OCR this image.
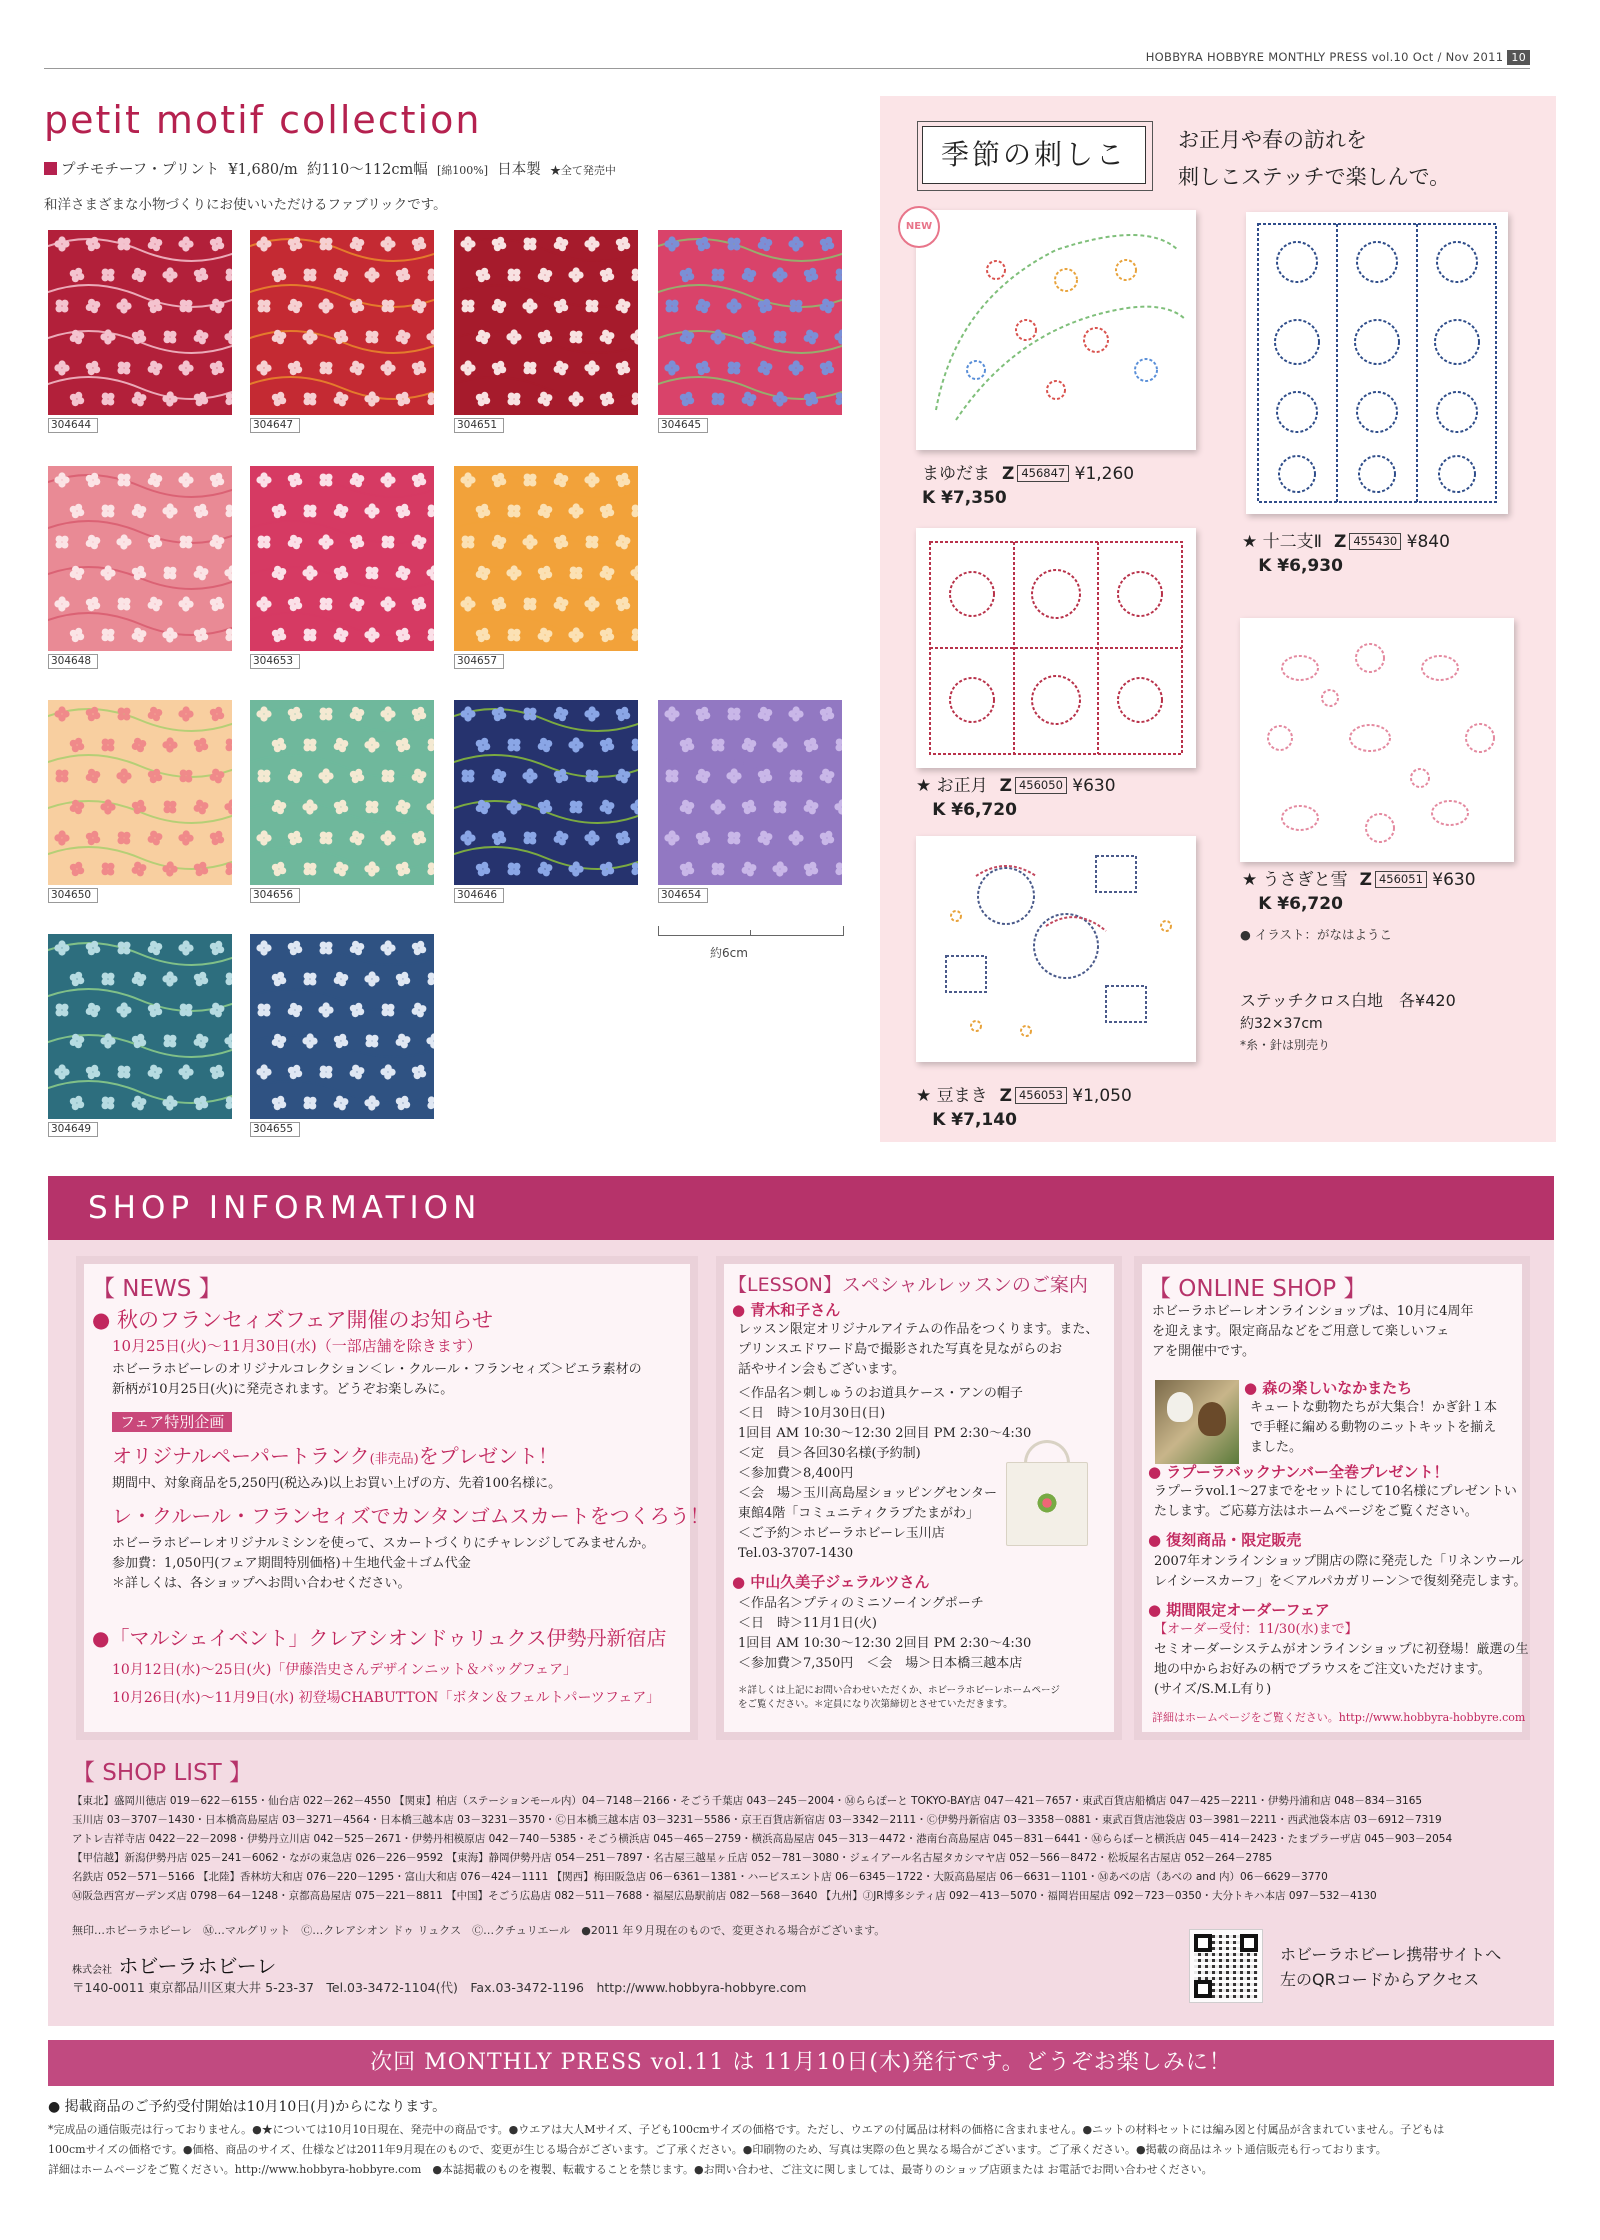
HOBBYRA HOBBYRE MONTHLY PRESS vol.10 Oct / Nov 2011 10
petit motif collection
プチモチーフ・プリント ¥1,680/m 約110～112cm幅 [綿100%] 日本製 ★全て発売中
和洋さまざまな小物づくりにお使いいただけるファブリックです。
304644	304647	304651	304645
304648	304653	304657
304650	304656	304646	304654
304649	304655
約6cm
季節の刺しこ	お正月や春の訪れを
刺しこステッチで楽しんで。
NEW
まゆだま Z 456847 ¥1,260
K ¥7,350
★ 十二支Ⅱ Z 455430 ¥840
K ¥6,930
★ お正月 Z 456050 ¥630
K ¥6,720
★ うさぎと雪 Z 456051 ¥630
K ¥6,720
● イラスト：がなはようこ
ステッチクロス白地　各¥420
約32×37cm
*糸・針は別売り
★ 豆まき Z 456053 ¥1,050
K ¥7,140
SHOP INFORMATION
【 NEWS 】
● 秋のフランセィズフェア開催のお知らせ
10月25日(火)～11月30日(水)（一部店舗を除きます）
ホビーラホビーレのオリジナルコレクション＜レ・クルール・フランセィズ＞ビエラ素材の
新柄が10月25日(火)に発売されます。どうぞお楽しみに。
フェア特別企画
オリジナルペーパートランク(非売品)をプレゼント！
期間中、対象商品を5,250円(税込み)以上お買い上げの方、先着100名様に。
レ・クルール・フランセィズでカンタンゴムスカートをつくろう！
ホビーラホビーレオリジナルミシンを使って、スカートづくりにチャレンジしてみませんか。
参加費：1,050円(フェア期間特別価格)＋生地代金＋ゴム代金
＊詳しくは、各ショップへお問い合わせください。
●「マルシェイベント」クレアシオンドゥリュクス伊勢丹新宿店
10月12日(水)～25日(火)「伊藤浩史さんデザインニット＆バッグフェア」
10月26日(水)～11月9日(水) 初登場CHABUTTON「ボタン＆フェルトパーツフェア」
【LESSON】スペシャルレッスンのご案内
● 青木和子さん
レッスン限定オリジナルアイテムの作品をつくります。また、
プリンスエドワード島で撮影された写真を見ながらのお
話やサイン会もございます。
＜作品名＞刺しゅうのお道具ケース・アンの帽子
＜日　時＞10月30日(日)
1回目 AM 10:30～12:30 2回目 PM 2:30～4:30
＜定　員＞各回30名様(予約制)
＜参加費＞8,400円
＜会　場＞玉川高島屋ショッピングセンター
東館4階「コミュニティクラブたまがわ」
＜ご予約＞ホビーラホビーレ玉川店
Tel.03-3707-1430
● 中山久美子ジェラルツさん
＜作品名＞プティのミニソーイングポーチ
＜日　時＞11月1日(火)
1回目 AM 10:30～12:30 2回目 PM 2:30～4:30
＜参加費＞7,350円　＜会　場＞日本橋三越本店
＊詳しくは上記にお問い合わせいただくか、ホビーラホビーレホームページ
をご覧ください。＊定員になり次第締切とさせていただきます。
【 ONLINE SHOP 】
ホビーラホビーレオンラインショップは、10月に4周年
を迎えます。限定商品などをご用意して楽しいフェ
アを開催中です。
● 森の楽しいなかまたち
キュートな動物たちが大集合！かぎ針１本
で手軽に編める動物のニットキットを揃え
ました。
● ラプーラバックナンバー全巻プレゼント！
ラプーラvol.1～27までをセットにして10名様にプレゼントい
たします。ご応募方法はホームページをご覧ください。
● 復刻商品・限定販売
2007年オンラインショップ開店の際に発売した「リネンウール
レイシースカーフ」を＜アルパカガリーン＞で復刻発売します。
● 期間限定オーダーフェア
【オーダー受付：11/30(水)まで】
セミオーダーシステムがオンラインショップに初登場！厳選の生
地の中からお好みの柄でブラウスをご注文いただけます。
(サイズ/S.M.L有り)
詳細はホームページをご覧ください。http://www.hobbyra-hobbyre.com
【 SHOP LIST 】
【東北】盛岡川徳店 019－622－6155・仙台店 022－262－4550 【関東】柏店（ステーションモール内）04－7148－2166・そごう千葉店 043－245－2004・Ⓜららぽーと TOKYO-BAY店 047－421－7657・東武百貨店船橋店 047－425－2211・伊勢丹浦和店 048－834－3165
玉川店 03－3707－1430・日本橋高島屋店 03－3271－4564・日本橋三越本店 03－3231－3570・Ⓒ日本橋三越本店 03－3231－5586・京王百貨店新宿店 03－3342－2111・Ⓒ伊勢丹新宿店 03－3358－0881・東武百貨店池袋店 03－3981－2211・西武池袋本店 03－6912－7319
アトレ吉祥寺店 0422－22－2098・伊勢丹立川店 042－525－2671・伊勢丹相模原店 042－740－5385・そごう横浜店 045－465－2759・横浜高島屋店 045－313－4472・港南台高島屋店 045－831－6441・Ⓜららぽーと横浜店 045－414－2423・たまプラーザ店 045－903－2054
【甲信越】新潟伊勢丹店 025－241－6062・ながの東急店 026－226－9592 【東海】静岡伊勢丹店 054－251－7897・名古屋三越星ヶ丘店 052－781－3080・ジェイアール名古屋タカシマヤ店 052－566－8472・松坂屋名古屋店 052－264－2785
名鉄店 052－571－5166 【北陸】香林坊大和店 076－220－1295・富山大和店 076－424－1111 【関西】梅田阪急店 06－6361－1381・ハービスエント店 06－6345－1722・大阪高島屋店 06－6631－1101・Ⓜあべの店（あべの and 内）06－6629－3770
Ⓜ阪急西宮ガーデンズ店 0798－64－1248・京都高島屋店 075－221－8811 【中国】そごう広島店 082－511－7688・福屋広島駅前店 082－568－3640 【九州】ⒿJR博多シティ店 092－413－5070・福岡岩田屋店 092－723－0350・大分トキハ本店 097－532－4130
無印…ホビーラホビーレ　Ⓜ…マルグリット　Ⓒ…クレアシオン ドゥ リュクス　Ⓒ…クチュリエール　●2011 年９月現在のもので、変更される場合がございます。
株式会社 ホビーラホビーレ
〒140-0011 東京都品川区東大井 5-23-37　Tel.03-3472-1104(代)　Fax.03-3472-1196　http://www.hobbyra-hobbyre.com
ホビーラホビーレ携帯サイトへ
左のQRコードからアクセス
次回 MONTHLY PRESS vol.11 は 11月10日(木)発行です。どうぞお楽しみに！
● 掲載商品のご予約受付開始は10月10日(月)からになります。
*完成品の通信販売は行っておりません。●★については10月10日現在、発売中の商品です。●ウエアは大人Mサイズ、子ども100cmサイズの価格です。ただし、ウエアの付属品は材料の価格に含まれません。●ニットの材料セットには編み図と付属品が含まれていません。子どもは
100cmサイズの価格です。●価格、商品のサイズ、仕様などは2011年9月現在のもので、変更が生じる場合がございます。ご了承ください。●印刷物のため、写真は実際の色と異なる場合がございます。ご了承ください。●掲載の商品はネット通信販売も行っております。
詳細はホームページをご覧ください。http://www.hobbyra-hobbyre.com　●本誌掲載のものを複製、転載することを禁じます。●お問い合わせ、ご注文に関しましては、最寄りのショップ店頭または お電話でお問い合わせください。
